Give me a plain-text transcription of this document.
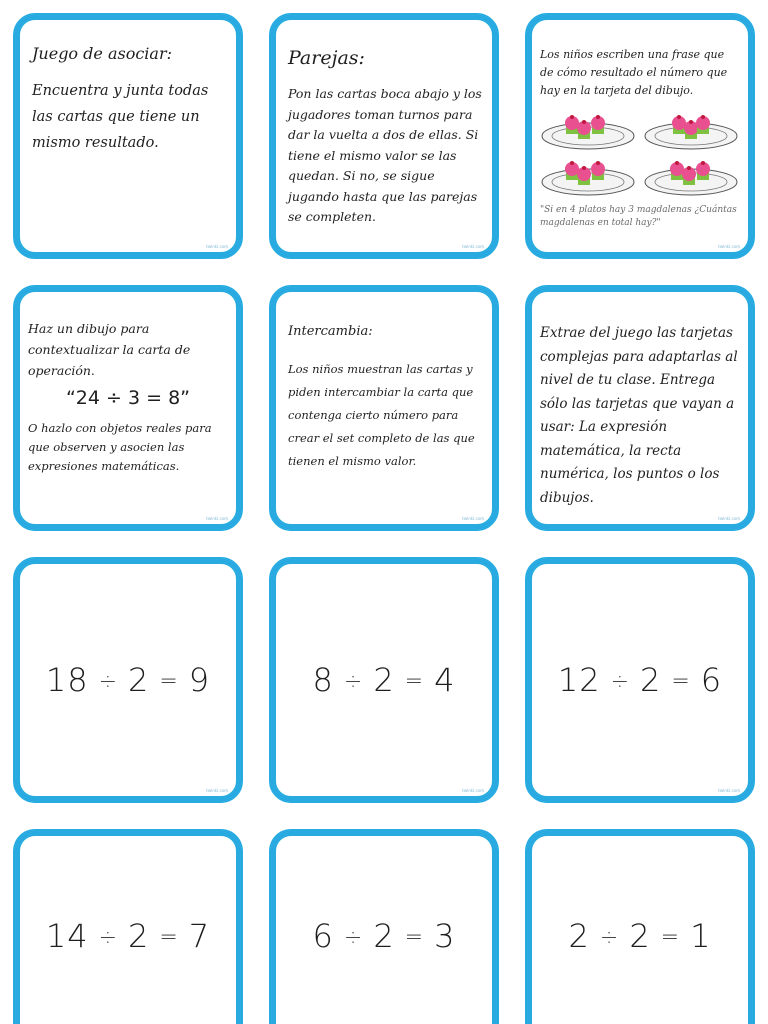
Juego de asociar:

Encuentra y junta todas las cartas que tiene un mismo resultado.

twinkl.com

Parejas:

Pon las cartas boca abajo y los jugadores toman turnos para dar la vuelta a dos de ellas. Si tiene el mismo valor se las quedan. Si no, se sigue jugando hasta que las parejas se completen.

twinkl.com

Los niños escriben una frase que de cómo resultado el número que hay en la tarjeta del dibujo.

"Si en 4 platos hay 3 magdalenas ¿Cuántas magdalenas en total hay?"
twinkl.com

Haz un dibujo para contextualizar la carta de operación.

“24 ÷ 3 = 8”

O hazlo con objetos reales para que observen y asocien las expresiones matemáticas.

twinkl.com

Intercambia:

Los niños muestran las cartas y piden intercambiar la carta que contenga cierto número para crear el set completo de las que tienen el mismo valor.

twinkl.com

Extrae del juego las tarjetas complejas para adaptarlas al nivel de tu clase. Entrega sólo las tarjetas que vayan a usar: La expresión matemática, la recta numérica, los puntos o los dibujos.

twinkl.com
18 ÷ 2 = 9
twinkl.com
8 ÷ 2 = 4
twinkl.com
12 ÷ 2 = 6
twinkl.com
14 ÷ 2 = 7	6 ÷ 2 = 3	2 ÷ 2 = 1
